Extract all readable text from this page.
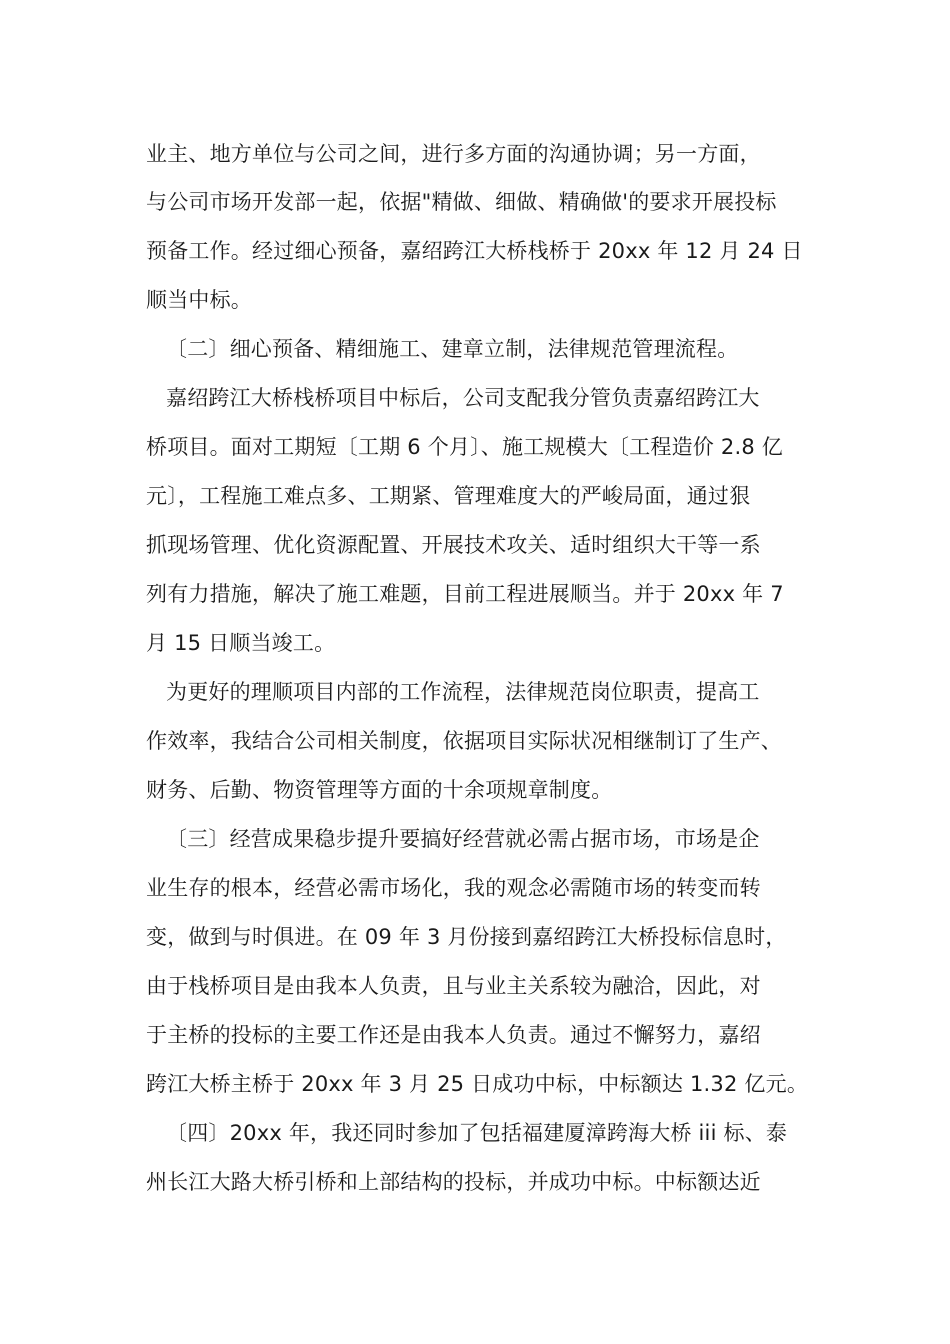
业主、地方单位与公司之间，进行多方面的沟通协调；另一方面，
与公司市场开发部一起，依据"精做、细做、精确做'的要求开展投标
预备工作。经过细心预备，嘉绍跨江大桥栈桥于 20xx 年 12 月 24 日
顺当中标。
〔二〕细心预备、精细施工、建章立制，法律规范管理流程。
嘉绍跨江大桥栈桥项目中标后，公司支配我分管负责嘉绍跨江大
桥项目。面对工期短〔工期 6 个月〕、施工规模大〔工程造价 2.8 亿
元〕，工程施工难点多、工期紧、管理难度大的严峻局面，通过狠
抓现场管理、优化资源配置、开展技术攻关、适时组织大干等一系
列有力措施，解决了施工难题，目前工程进展顺当。并于 20xx 年 7
月 15 日顺当竣工。
为更好的理顺项目内部的工作流程，法律规范岗位职责，提高工
作效率，我结合公司相关制度，依据项目实际状况相继制订了生产、
财务、后勤、物资管理等方面的十余项规章制度。
〔三〕经营成果稳步提升要搞好经营就必需占据市场，市场是企
业生存的根本，经营必需市场化，我的观念必需随市场的转变而转
变，做到与时俱进。在 09 年 3 月份接到嘉绍跨江大桥投标信息时，
由于栈桥项目是由我本人负责，且与业主关系较为融洽，因此，对
于主桥的投标的主要工作还是由我本人负责。通过不懈努力，嘉绍
跨江大桥主桥于 20xx 年 3 月 25 日成功中标，中标额达 1.32 亿元。
〔四〕20xx 年，我还同时参加了包括福建厦漳跨海大桥 iii 标、泰
州长江大路大桥引桥和上部结构的投标，并成功中标。中标额达近
